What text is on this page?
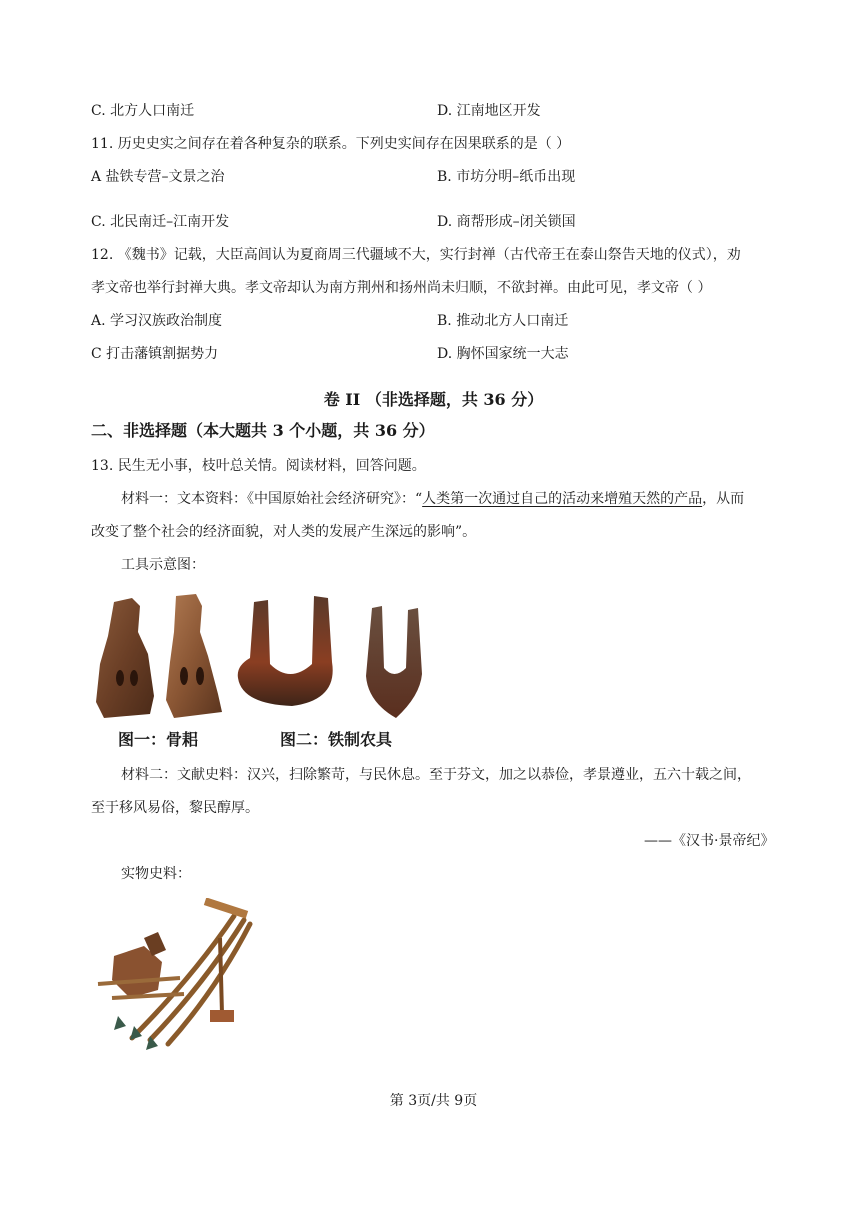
C. 北方人口南迁	D. 江南地区开发
11. 历史史实之间存在着各种复杂的联系。下列史实间存在因果联系的是（ ）
A 盐铁专营–文景之治	B. 市坊分明–纸币出现
C. 北民南迁–江南开发	D. 商帮形成–闭关锁国
12. 《魏书》记载，大臣高闾认为夏商周三代疆域不大，实行封禅（古代帝王在泰山祭告天地的仪式），劝
孝文帝也举行封禅大典。孝文帝却认为南方荆州和扬州尚未归顺，不欲封禅。由此可见，孝文帝（ ）
A. 学习汉族政治制度	B. 推动北方人口南迁
C 打击藩镇割据势力	D. 胸怀国家统一大志
卷 II （非选择题，共 36 分）
二、非选择题（本大题共 3 个小题，共 36 分）
13. 民生无小事，枝叶总关情。阅读材料，回答问题。
材料一：文本资料：《中国原始社会经济研究》：“人类第一次通过自己的活动来增殖天然的产品，从而
改变了整个社会的经济面貌，对人类的发展产生深远的影响”。
工具示意图：
图一：骨耜	图二：铁制农具
材料二：文献史料：汉兴，扫除繁苛，与民休息。至于芬文，加之以恭俭，孝景遵业，五六十载之间，
至于移风易俗，黎民醇厚。
——《汉书·景帝纪》
实物史料：
第 3页/共 9页
